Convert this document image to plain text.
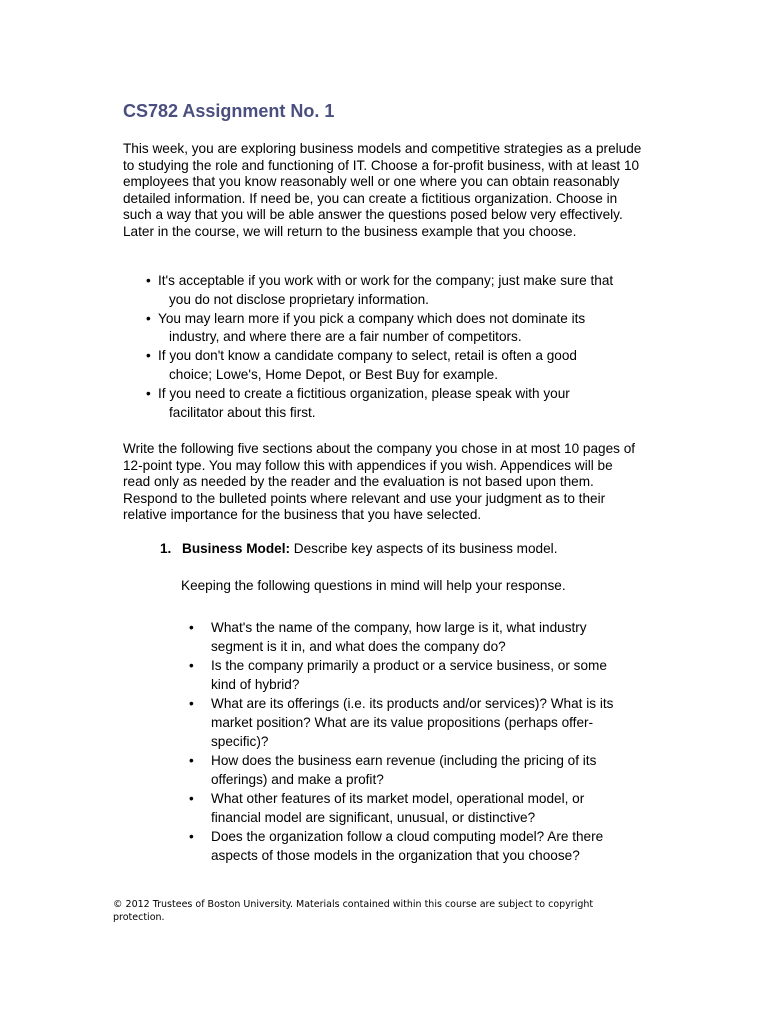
CS782 Assignment No. 1

This week, you are exploring business models and competitive strategies as a prelude to studying the role and functioning of IT. Choose a for-profit business, with at least 10 employees that you know reasonably well or one where you can obtain reasonably detailed information. If need be, you can create a fictitious organization. Choose in such a way that you will be able answer the questions posed below very effectively. Later in the course, we will return to the business example that you choose.

• It's acceptable if you work with or work for the company; just make sure that
you do not disclose proprietary information.
• You may learn more if you pick a company which does not dominate its
industry, and where there are a fair number of competitors.
• If you don't know a candidate company to select, retail is often a good
choice; Lowe's, Home Depot, or Best Buy for example.
• If you need to create a fictitious organization, please speak with your
facilitator about this first.

Write the following five sections about the company you chose in at most 10 pages of 12-point type. You may follow this with appendices if you wish. Appendices will be read only as needed by the reader and the evaluation is not based upon them. Respond to the bulleted points where relevant and use your judgment as to their relative importance for the business that you have selected.

1. Business Model: Describe key aspects of its business model.

Keeping the following questions in mind will help your response.

• What's the name of the company, how large is it, what industry segment is it in, and what does the company do?
• Is the company primarily a product or a service business, or some kind of hybrid?
• What are its offerings (i.e. its products and/or services)? What is its market position? What are its value propositions (perhaps offer-specific)?
• How does the business earn revenue (including the pricing of its offerings) and make a profit?
• What other features of its market model, operational model, or financial model are significant, unusual, or distinctive?
• Does the organization follow a cloud computing model? Are there aspects of those models in the organization that you choose?

© 2012 Trustees of Boston University. Materials contained within this course are subject to copyright protection.
